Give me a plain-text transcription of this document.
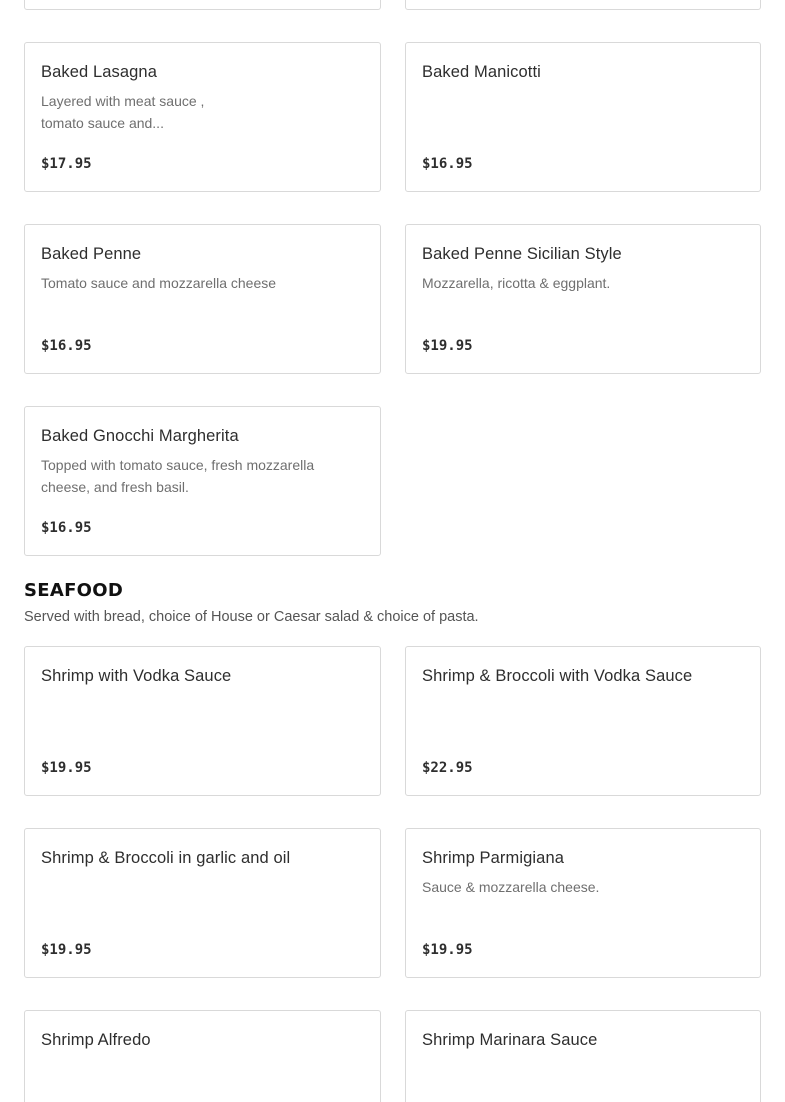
Baked Lasagna
Layered with meat sauce , tomato sauce and...
$17.95
Baked Manicotti
$16.95
Baked Penne
Tomato sauce and mozzarella cheese
$16.95
Baked Penne Sicilian Style
Mozzarella, ricotta & eggplant.
$19.95
Baked Gnocchi Margherita
Topped with tomato sauce, fresh mozzarella cheese, and fresh basil.
$16.95
SEAFOOD
Served with bread, choice of House or Caesar salad & choice of pasta.
Shrimp with Vodka Sauce
$19.95
Shrimp & Broccoli with Vodka Sauce
$22.95
Shrimp & Broccoli in garlic and oil
$19.95
Shrimp Parmigiana
Sauce & mozzarella cheese.
$19.95
Shrimp Alfredo	Shrimp Marinara Sauce
